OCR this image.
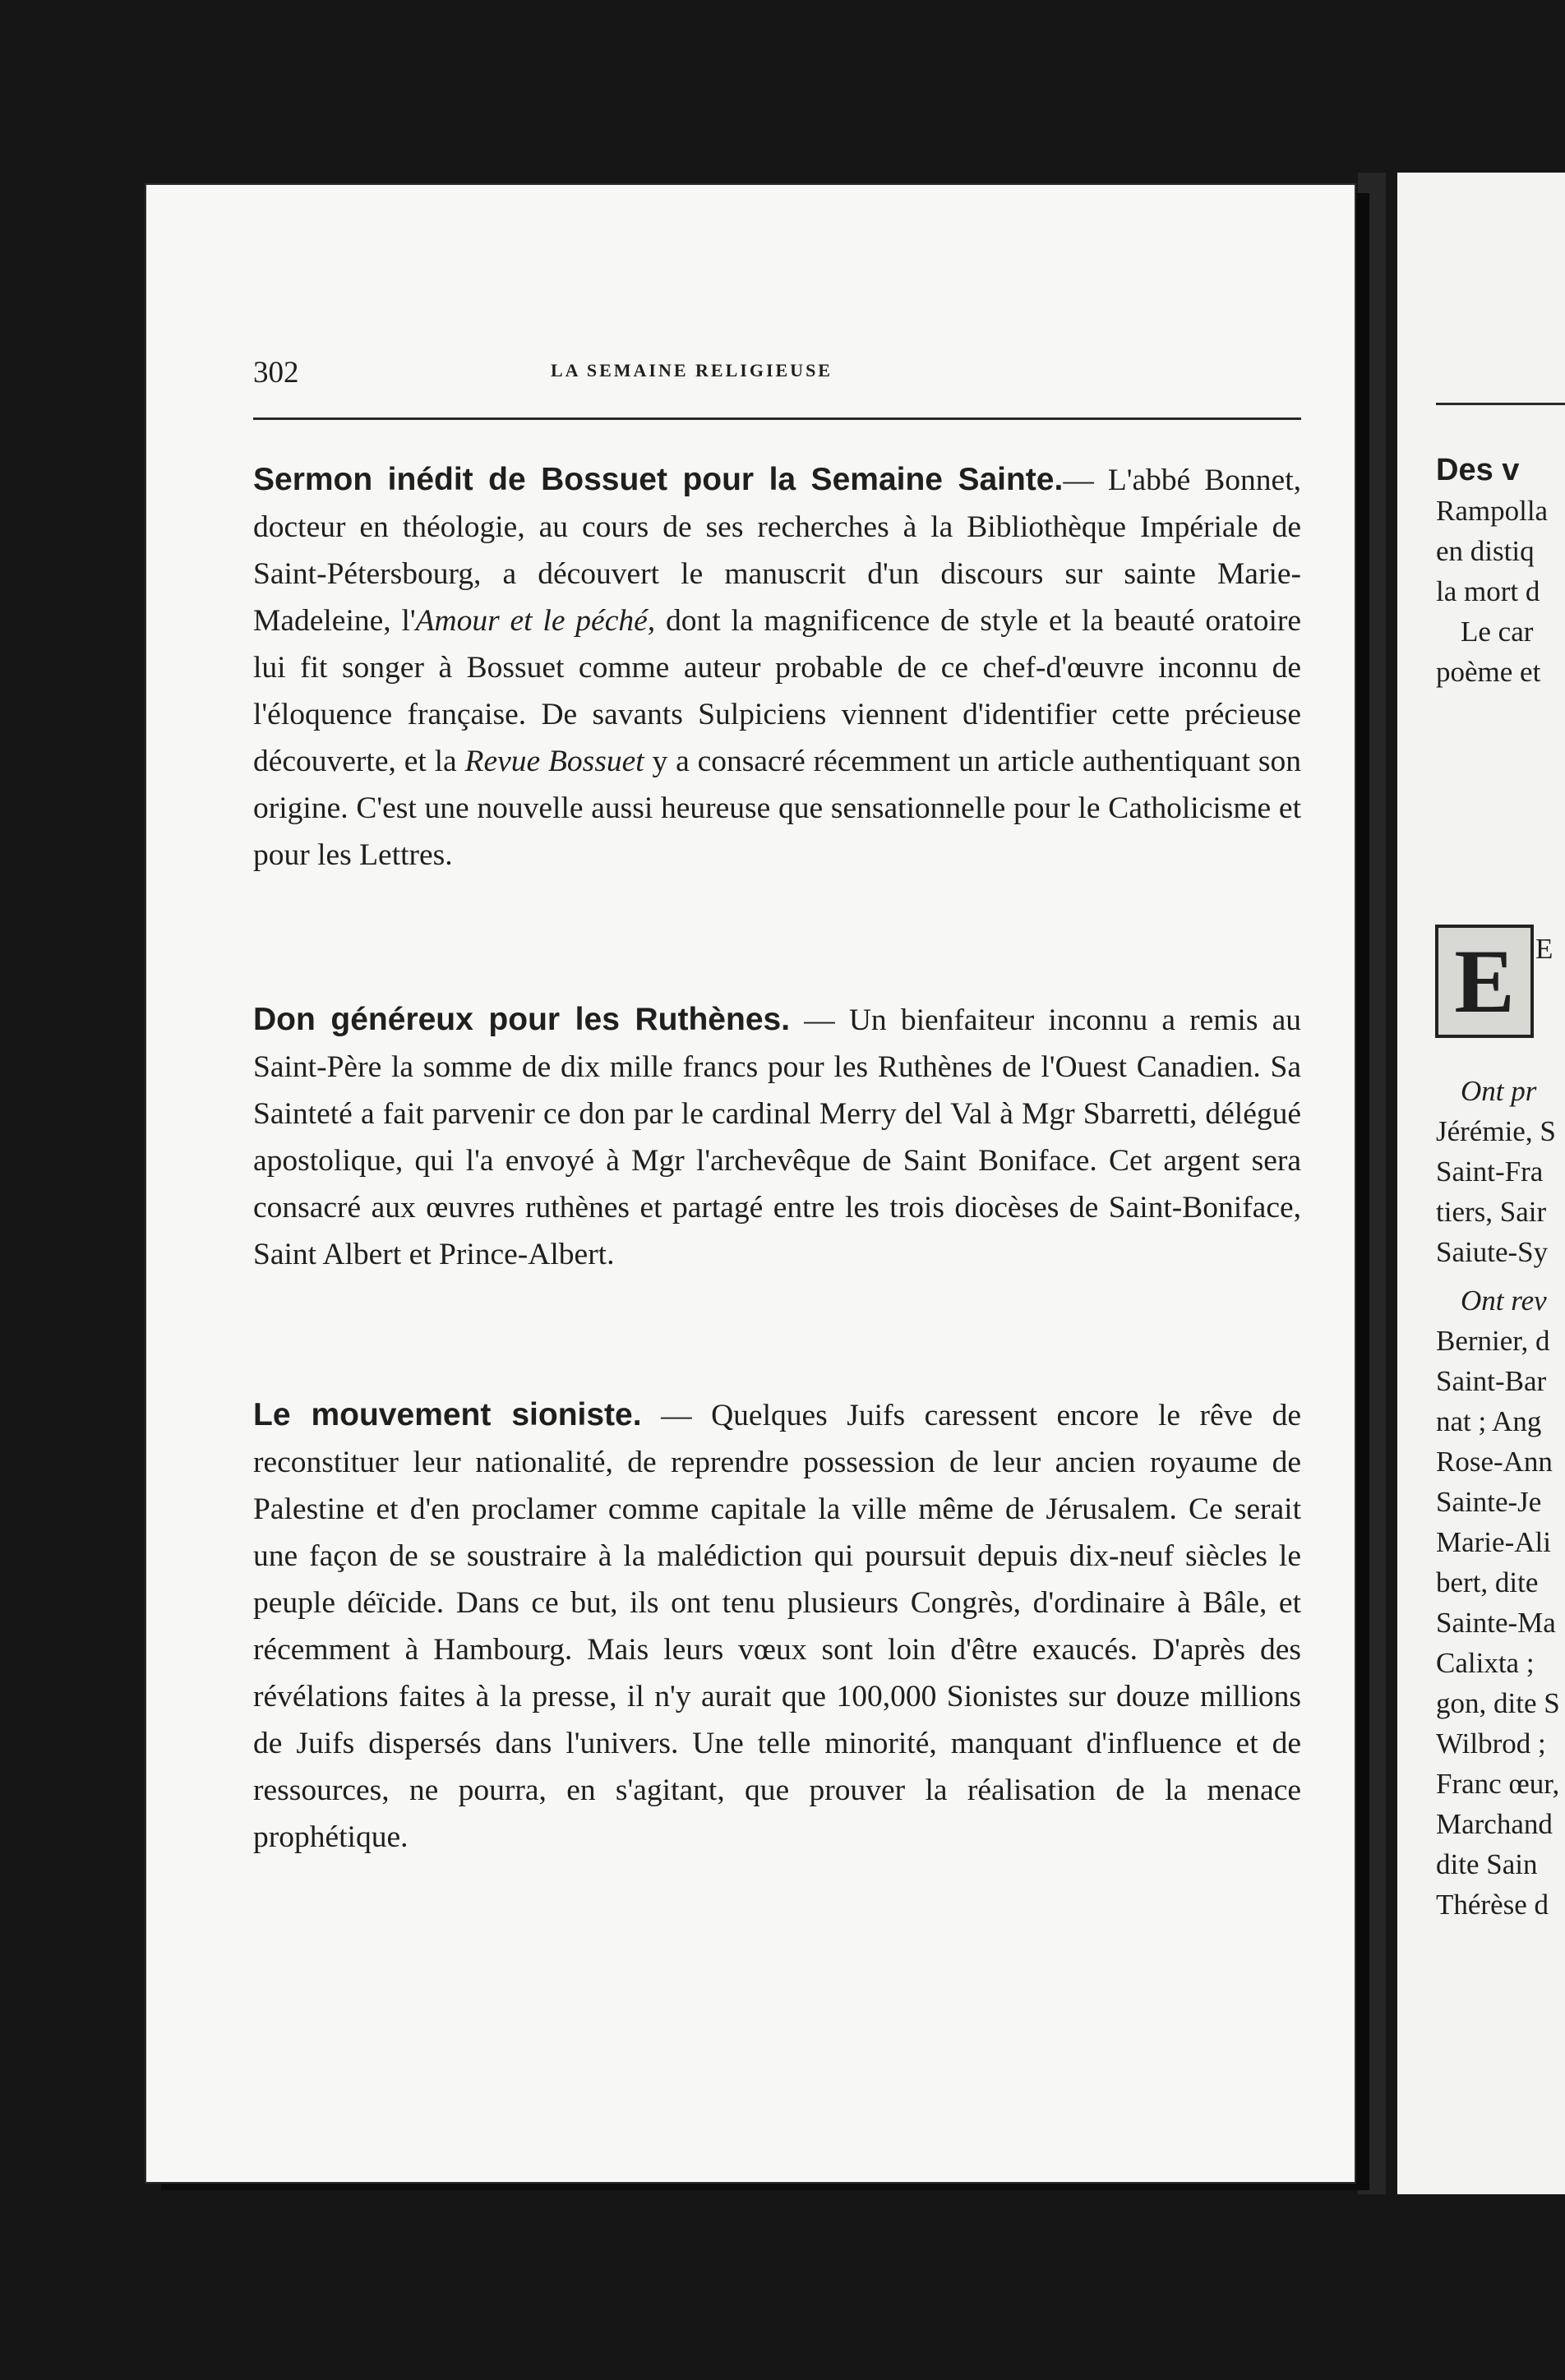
302	LA SEMAINE RELIGIEUSE

Sermon inédit de Bossuet pour la Semaine Sainte.— L'abbé Bonnet, docteur en théologie, au cours de ses recherches à la Bibliothèque Impériale de Saint-Pétersbourg, a découvert le manuscrit d'un discours sur sainte Marie-Madeleine, l'Amour et le péché, dont la magnificence de style et la beauté oratoire lui fit songer à Bossuet comme auteur probable de ce chef-d'œuvre inconnu de l'éloquence française. De savants Sulpiciens viennent d'identifier cette précieuse découverte, et la Revue Bossuet y a consacré récemment un article authentiquant son origine. C'est une nouvelle aussi heureuse que sensationnelle pour le Catholicisme et pour les Lettres.

Don généreux pour les Ruthènes. — Un bienfaiteur inconnu a remis au Saint-Père la somme de dix mille francs pour les Ruthènes de l'Ouest Canadien. Sa Sainteté a fait parvenir ce don par le cardinal Merry del Val à Mgr Sbarretti, délégué apostolique, qui l'a envoyé à Mgr l'archevêque de Saint Boniface. Cet argent sera consacré aux œuvres ruthènes et partagé entre les trois diocèses de Saint-Boniface, Saint Albert et Prince-Albert.

Le mouvement sioniste. — Quelques Juifs caressent encore le rêve de reconstituer leur nationalité, de reprendre possession de leur ancien royaume de Palestine et d'en proclamer comme capitale la ville même de Jérusalem. Ce serait une façon de se soustraire à la malédiction qui poursuit depuis dix-neuf siècles le peuple déïcide. Dans ce but, ils ont tenu plusieurs Congrès, d'ordinaire à Bâle, et récemment à Hambourg. Mais leurs vœux sont loin d'être exaucés. D'après des révélations faites à la presse, il n'y aurait que 100,000 Sionistes sur douze millions de Juifs dispersés dans l'univers. Une telle minorité, manquant d'influence et de ressources, ne pourra, en s'agitant, que prouver la réalisation de la menace prophétique.

Des v
Rampolla
en distiq
la mort d
Le car
poème et
E E
Ont pr
Jérémie, S
Saint-Fra
tiers, Sair
Saiute-Sy
Ont rev
Bernier, d
Saint-Bar
nat ; Ang
Rose-Ann
Sainte-Je
Marie-Ali
bert, dite
Sainte-Ma
Calixta ;
gon, dite S
Wilbrod ;
Franc œur,
Marchand
dite Sain
Thérèse d
